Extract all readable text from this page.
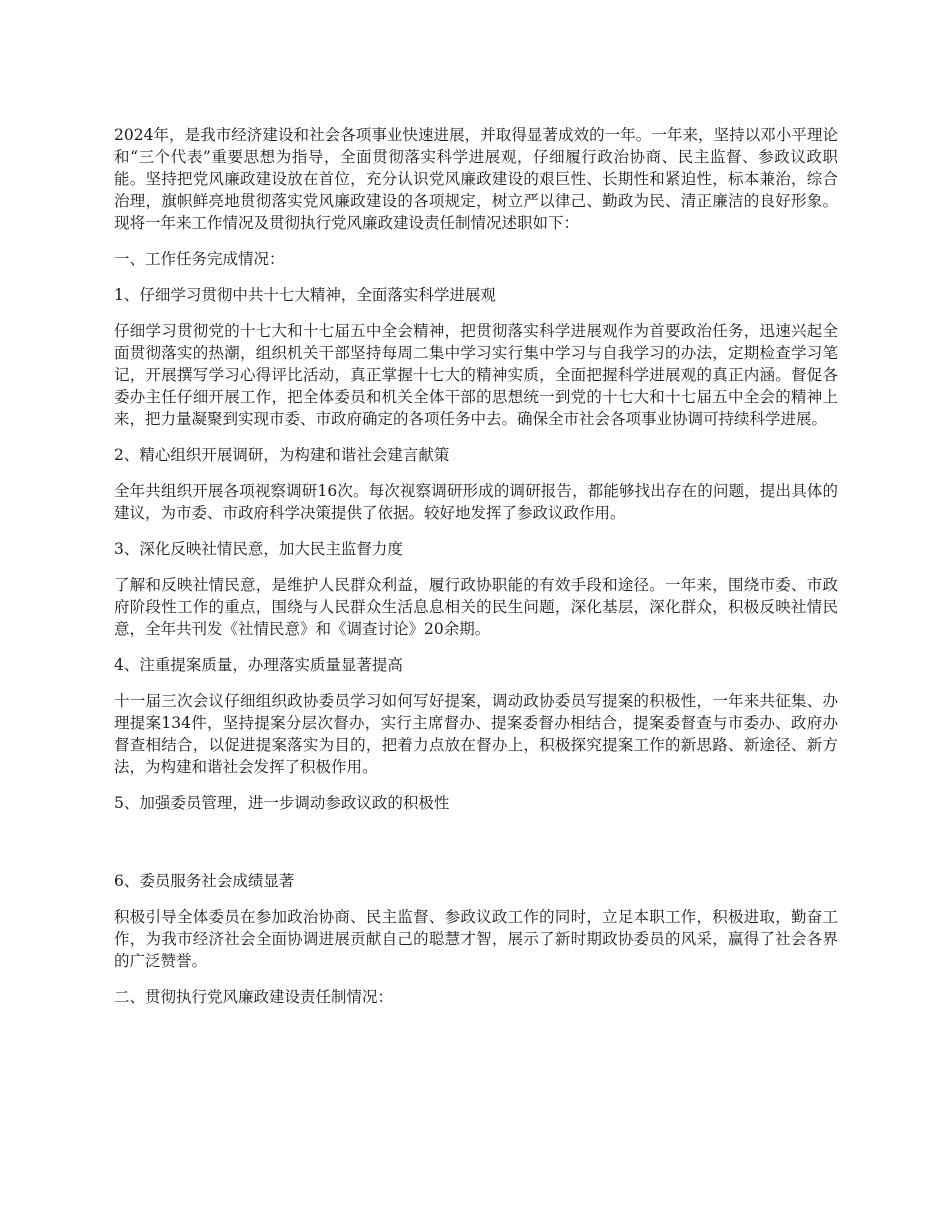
2024年，是我市经济建设和社会各项事业快速进展，并取得显著成效的一年。一年来，坚持以邓小平理论和“三个代表”重要思想为指导，全面贯彻落实科学进展观，仔细履行政治协商、民主监督、参政议政职能。坚持把党风廉政建设放在首位，充分认识党风廉政建设的艰巨性、长期性和紧迫性，标本兼治，综合治理，旗帜鲜亮地贯彻落实党风廉政建设的各项规定，树立严以律己、勤政为民、清正廉洁的良好形象。现将一年来工作情况及贯彻执行党风廉政建设责任制情况述职如下：

一、工作任务完成情况：

1、仔细学习贯彻中共十七大精神，全面落实科学进展观

仔细学习贯彻党的十七大和十七届五中全会精神，把贯彻落实科学进展观作为首要政治任务，迅速兴起全面贯彻落实的热潮，组织机关干部坚持每周二集中学习实行集中学习与自我学习的办法，定期检查学习笔记，开展撰写学习心得评比活动，真正掌握十七大的精神实质，全面把握科学进展观的真正内涵。督促各委办主任仔细开展工作，把全体委员和机关全体干部的思想统一到党的十七大和十七届五中全会的精神上来，把力量凝聚到实现市委、市政府确定的各项任务中去。确保全市社会各项事业协调可持续科学进展。

2、精心组织开展调研，为构建和谐社会建言献策

全年共组织开展各项视察调研16次。每次视察调研形成的调研报告，都能够找出存在的问题，提出具体的建议，为市委、市政府科学决策提供了依据。较好地发挥了参政议政作用。

3、深化反映社情民意，加大民主监督力度

了解和反映社情民意，是维护人民群众利益，履行政协职能的有效手段和途径。一年来，围绕市委、市政府阶段性工作的重点，围绕与人民群众生活息息相关的民生问题，深化基层，深化群众，积极反映社情民意，全年共刊发《社情民意》和《调查讨论》20余期。

4、注重提案质量，办理落实质量显著提高

十一届三次会议仔细组织政协委员学习如何写好提案，调动政协委员写提案的积极性，一年来共征集、办理提案134件，坚持提案分层次督办，实行主席督办、提案委督办相结合，提案委督查与市委办、政府办督查相结合，以促进提案落实为目的，把着力点放在督办上，积极探究提案工作的新思路、新途径、新方法，为构建和谐社会发挥了积极作用。

5、加强委员管理，进一步调动参政议政的积极性

6、委员服务社会成绩显著

积极引导全体委员在参加政治协商、民主监督、参政议政工作的同时，立足本职工作，积极进取，勤奋工作，为我市经济社会全面协调进展贡献自己的聪慧才智，展示了新时期政协委员的风采，赢得了社会各界的广泛赞誉。

二、贯彻执行党风廉政建设责任制情况：
